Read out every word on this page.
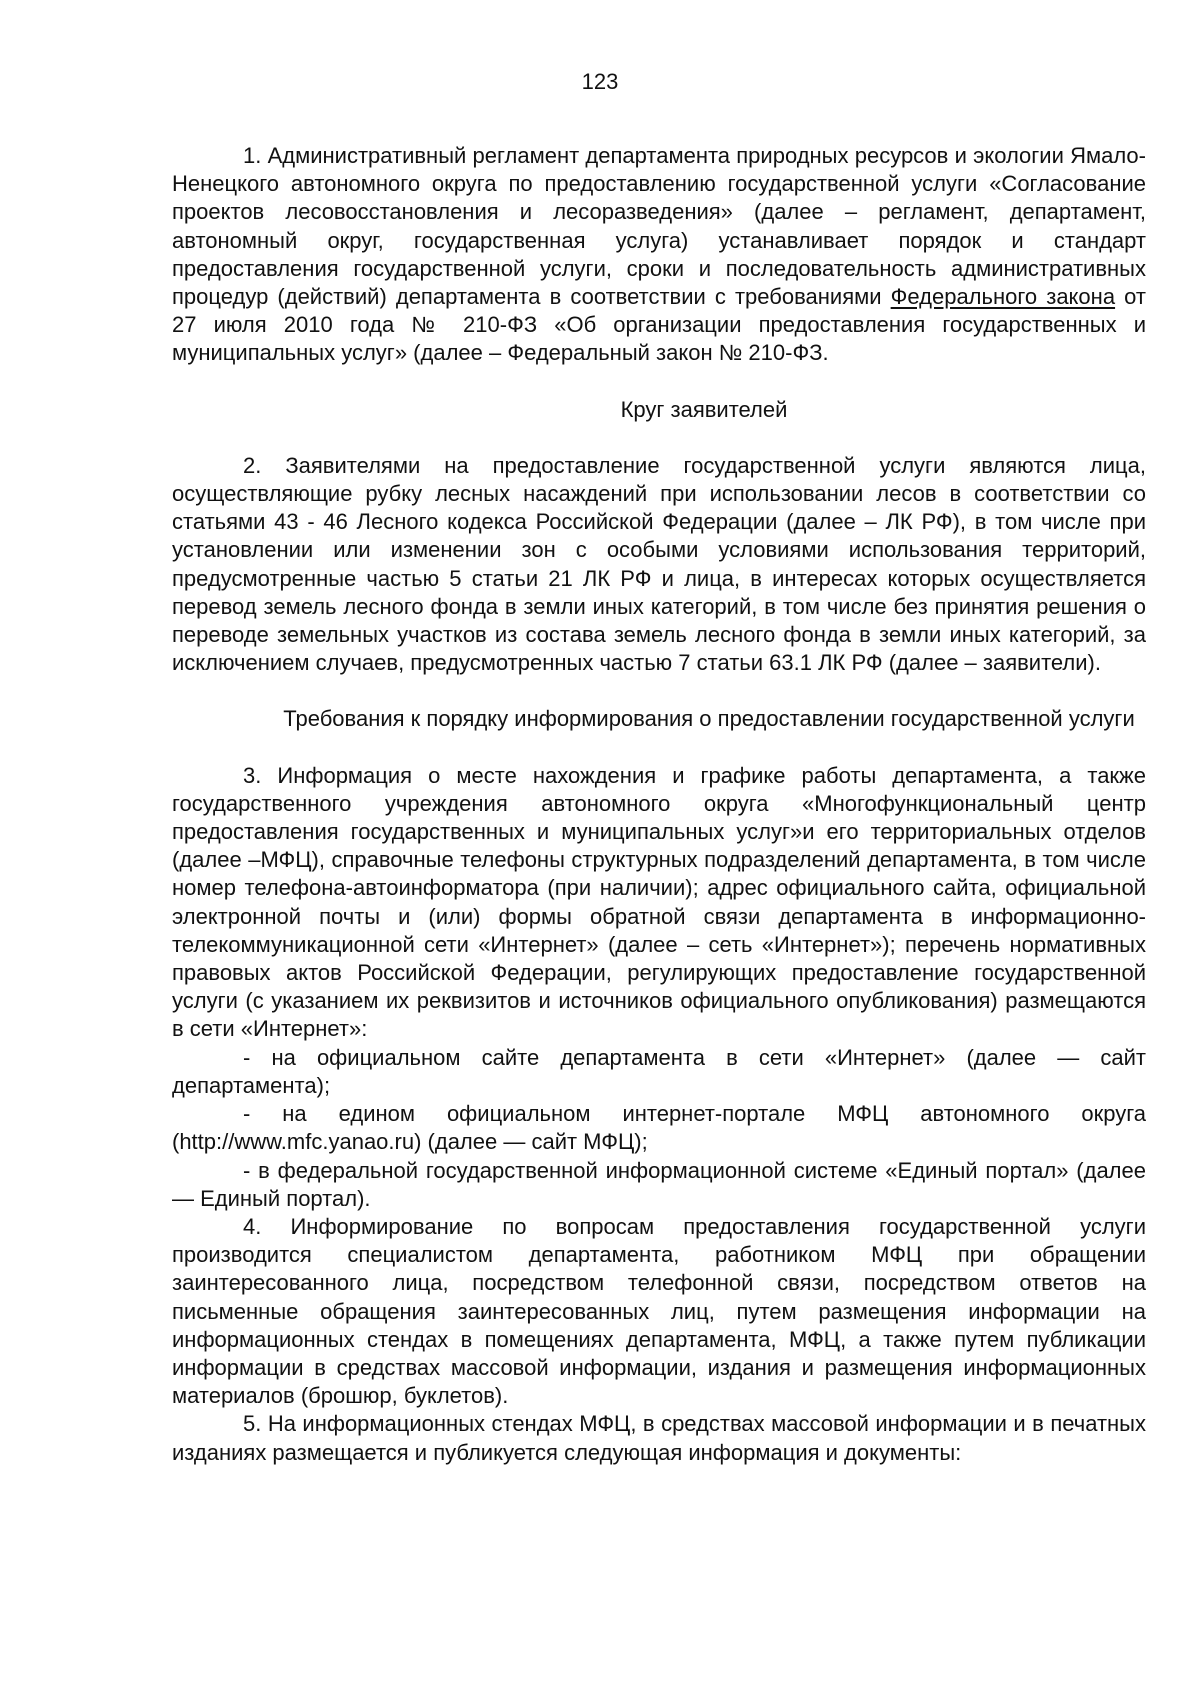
123

1. Административный регламент департамента природных ресурсов и экологии Ямало-Ненецкого автономного округа по предоставлению государственной услуги «Согласование проектов лесовосстановления и лесоразведения» (далее – регламент, департамент, автономный округ, государственная услуга) устанавливает порядок и стандарт предоставления государственной услуги, сроки и последовательность административных процедур (действий) департамента в соответствии с требованиями Федерального закона от 27 июля 2010 года № 210-ФЗ «Об организации предоставления государственных и муниципальных услуг» (далее – Федеральный закон № 210-ФЗ.

Круг заявителей

2. Заявителями на предоставление государственной услуги являются лица, осуществляющие рубку лесных насаждений при использовании лесов в соответствии со статьями 43 - 46 Лесного кодекса Российской Федерации (далее – ЛК РФ), в том числе при установлении или изменении зон с особыми условиями использования территорий, предусмотренные частью 5 статьи 21 ЛК РФ и лица, в интересах которых осуществляется перевод земель лесного фонда в земли иных категорий, в том числе без принятия решения о переводе земельных участков из состава земель лесного фонда в земли иных категорий, за исключением случаев, предусмотренных частью 7 статьи 63.1 ЛК РФ (далее – заявители).

Требования к порядку информирования о предоставлении государственной услуги

3. Информация о месте нахождения и графике работы департамента, а также государственного учреждения автономного округа «Многофункциональный центр предоставления государственных и муниципальных услуг»и его территориальных отделов (далее –МФЦ), справочные телефоны структурных подразделений департамента, в том числе номер телефона-автоинформатора (при наличии); адрес официального сайта, официальной электронной почты и (или) формы обратной связи департамента в информационно-телекоммуникационной сети «Интернет» (далее – сеть «Интернет»); перечень нормативных правовых актов Российской Федерации, регулирующих предоставление государственной услуги (с указанием их реквизитов и источников официального опубликования) размещаются в сети «Интернет»:

- на официальном сайте департамента в сети «Интернет» (далее — сайт департамента);

- на едином официальном интернет-портале МФЦ автономного округа (http://www.mfc.yanao.ru) (далее — сайт МФЦ);

- в федеральной государственной информационной системе «Единый портал» (далее — Единый портал).

4. Информирование по вопросам предоставления государственной услуги производится специалистом департамента, работником МФЦ при обращении заинтересованного лица, посредством телефонной связи, посредством ответов на письменные обращения заинтересованных лиц, путем размещения информации на информационных стендах в помещениях департамента, МФЦ, а также путем публикации информации в средствах массовой информации, издания и размещения информационных материалов (брошюр, буклетов).

5. На информационных стендах МФЦ, в средствах массовой информации и в печатных изданиях размещается и публикуется следующая информация и документы:
